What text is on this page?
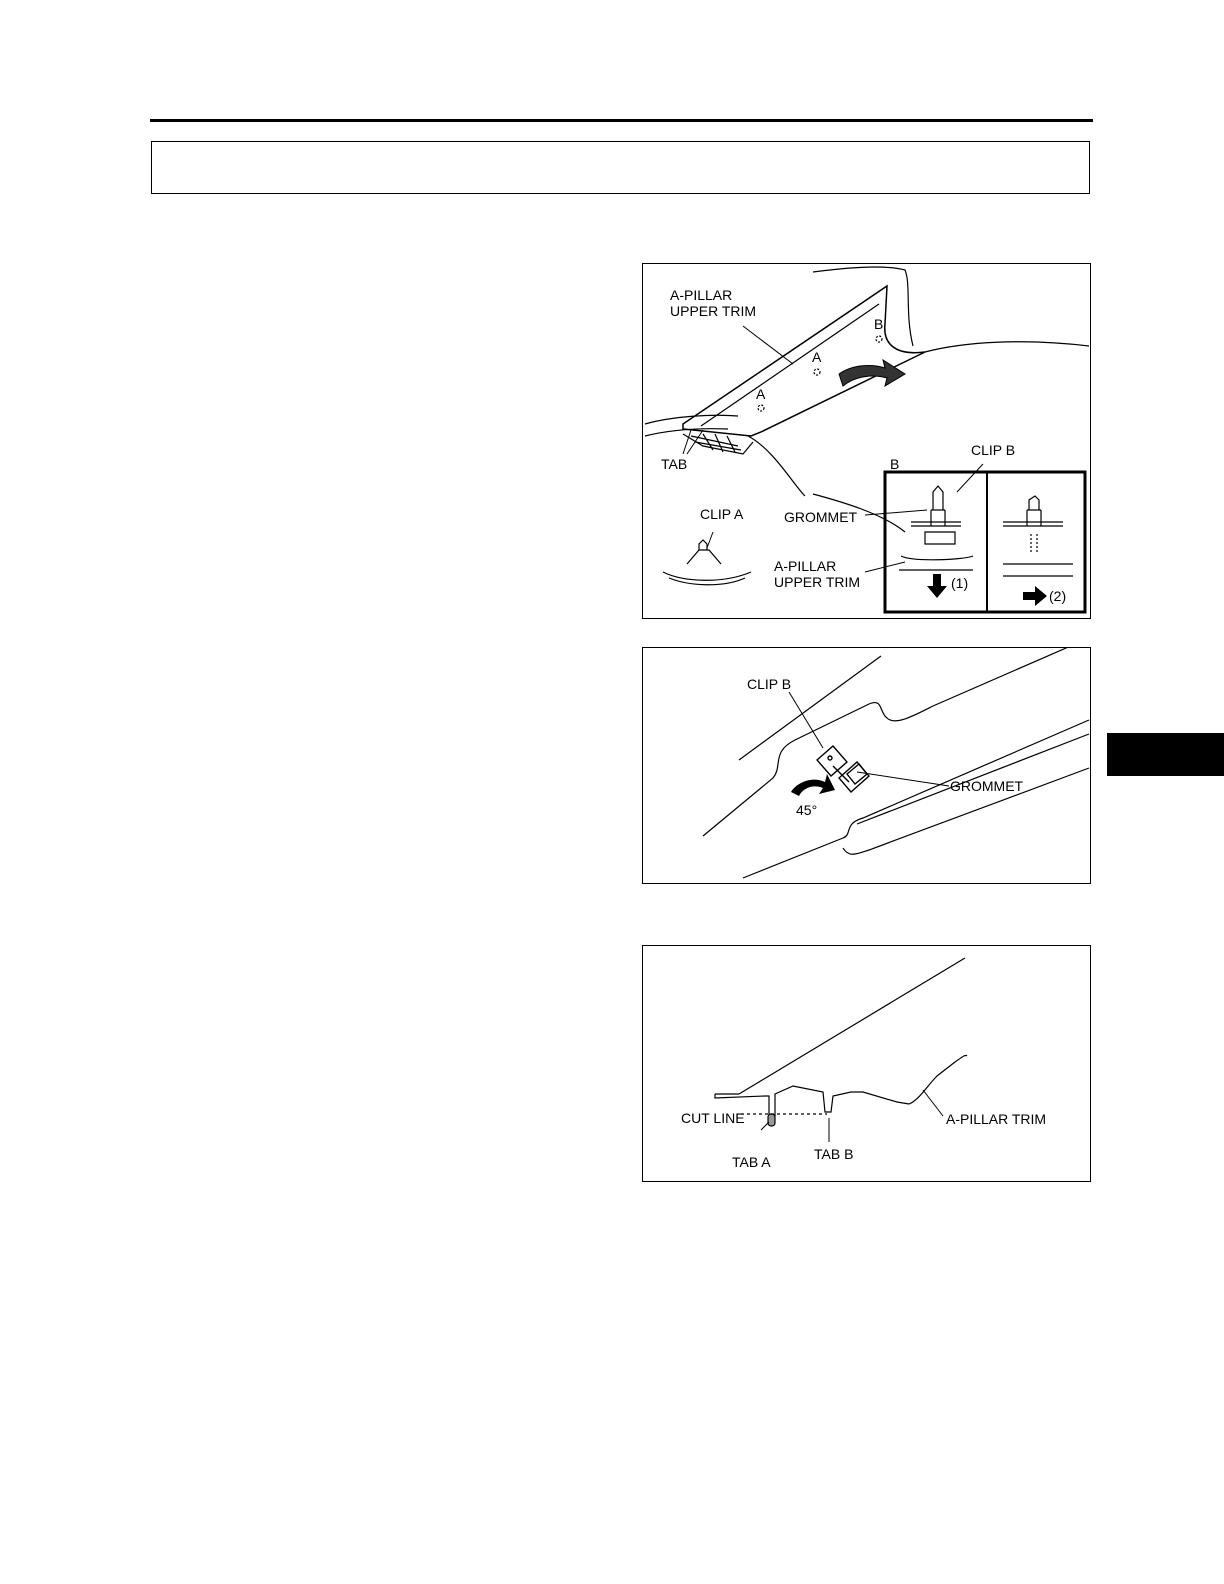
A-PILLAR
UPPER TRIM
B
A
A
TAB
CLIP A
B
CLIP B
GROMMET
A-PILLAR
UPPER TRIM	(1)
(2)
CLIP B
GROMMET
45°
CUT LINE	A-PILLAR TRIM
TAB A	TAB B
